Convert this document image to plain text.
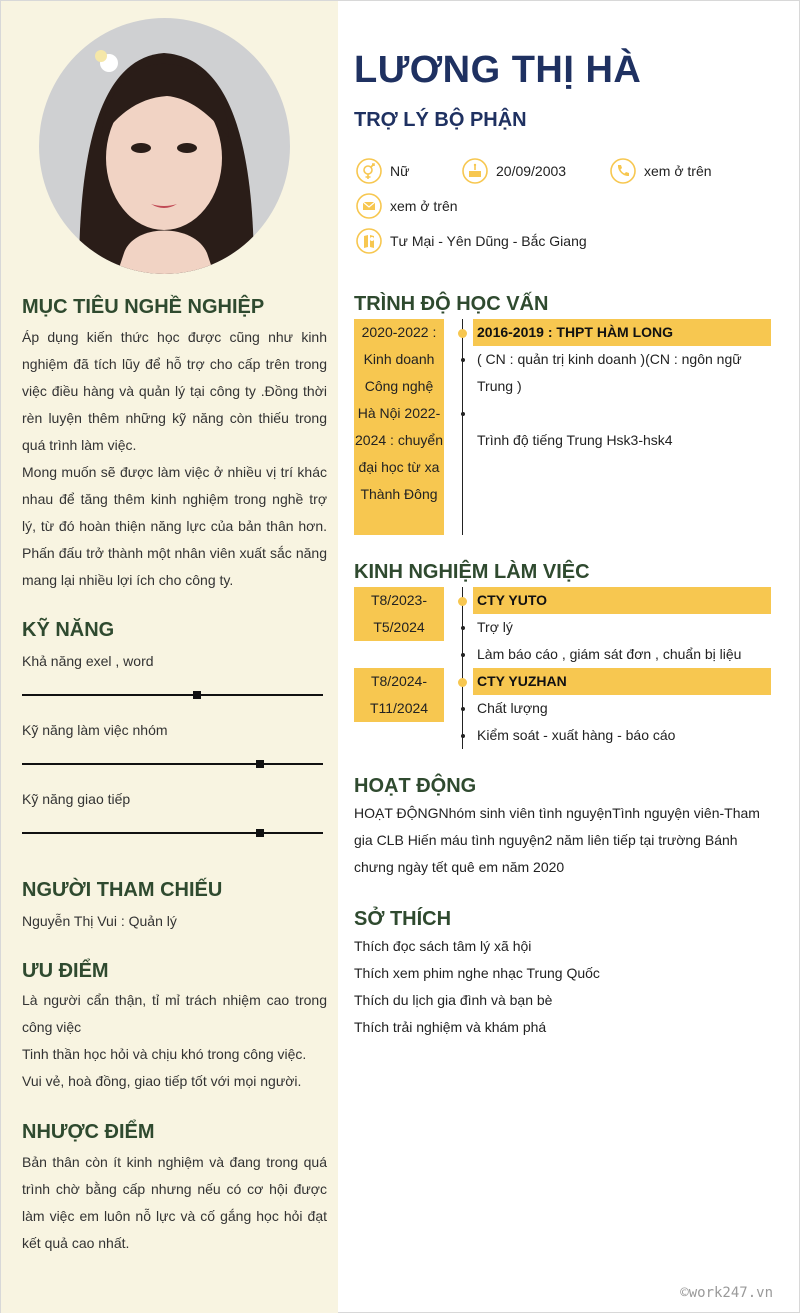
MỤC TIÊU NGHỀ NGHIỆP
Áp dụng kiến thức học được cũng như kinh nghiệm đã tích lũy để hỗ trợ cho cấp trên trong việc điều hàng và quản lý tại công ty .Đồng thời rèn luyện thêm những kỹ năng còn thiếu trong quá trình làm việc.
Mong muốn sẽ được làm việc ở nhiều vị trí khác nhau để tăng thêm kinh nghiệm trong nghề trợ lý, từ đó hoàn thiện năng lực của bản thân hơn. Phấn đấu trở thành một nhân viên xuất sắc năng mang lại nhiều lợi ích cho công ty.
KỸ NĂNG
Khả năng exel , word
Kỹ năng làm việc nhóm
Kỹ năng giao tiếp
NGƯỜI THAM CHIẾU
Nguyễn Thị Vui : Quản lý
ƯU ĐIỂM
Là người cẩn thận, tỉ mỉ trách nhiệm cao trong công việc
Tinh thần học hỏi và chịu khó trong công việc.
Vui vẻ, hoà đồng, giao tiếp tốt với mọi người.
NHƯỢC ĐIỂM
Bản thân còn ít kinh nghiệm và đang trong quá trình chờ bằng cấp nhưng nếu có cơ hội được làm việc em luôn nỗ lực và cố gắng học hỏi đạt kết quả cao nhất.
LƯƠNG THỊ HÀ
TRỢ LÝ BỘ PHẬN
Nữ	20/09/2003	xem ở trên
xem ở trên
Tư Mại - Yên Dũng - Bắc Giang
TRÌNH ĐỘ HỌC VẤN
2020-2022 : Kinh doanh Công nghệ Hà Nội 2022-2024 : chuyển đại học từ xa Thành Đông
2016-2019 : THPT HÀM LONG
( CN : quản trị kinh doanh )(CN : ngôn ngữ Trung )
Trình độ tiếng Trung Hsk3-hsk4
KINH NGHIỆM LÀM VIỆC
T8/2023- T5/2024
CTY YUTO
Trợ lý
Làm báo cáo , giám sát đơn , chuẩn bị liệu
T8/2024- T11/2024
CTY YUZHAN
Chất lượng
Kiểm soát - xuất hàng - báo cáo
HOẠT ĐỘNG
HOẠT ĐỘNGNhóm sinh viên tình nguyệnTình nguyện viên-Tham gia CLB Hiến máu tình nguyện2 năm liên tiếp tại trường Bánh chưng ngày tết quê em năm 2020
SỞ THÍCH
Thích đọc sách tâm lý xã hội
Thích xem phim nghe nhạc Trung Quốc
Thích du lịch gia đình và bạn bè
Thích trải nghiệm và khám phá
©work247.vn
